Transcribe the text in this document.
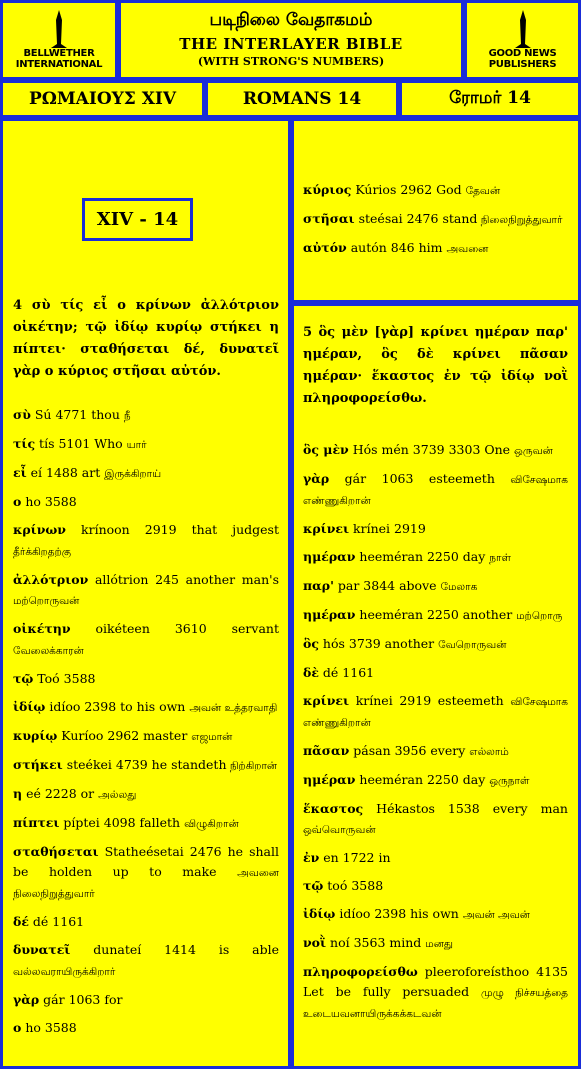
BELLWETHER INTERNATIONAL
படிநிலை வேதாகமம்
THE INTERLAYER BIBLE
(WITH STRONG'S NUMBERS)
GOOD NEWS PUBLISHERS
ΡΩΜΑΙΟΥΣ XIV	ROMANS 14	ரோமர் 14
XIV - 14
4 σὺ τίς εἶ ο κρίνων ἀλλότριον οἰκέτην; τῷ ἰδίῳ κυρίῳ στήκει η πίπτει· σταθήσεται δέ, δυνατεῖ γὰρ ο κύριος στῆσαι αὐτόν.
σὺ Sú 4771 thou நீ
τίς tís 5101 Who யார்
εἶ eí 1488 art இருக்கிறாய்
ο ho 3588
κρίνων krínoon 2919 that judgest தீர்க்கிறதற்கு
ἀλλότριον allótrion 245 another man's மற்றொருவன்
οἰκέτην oikéteen 3610 servant வேலைக்காரன்
τῷ Toó 3588
ἰδίῳ idíoo 2398 to his own அவன் உத்தரவாதி
κυρίῳ Kuríoo 2962 master எஜமான்
στήκει steékei 4739 he standeth நிற்கிறான்
η eé 2228 or அல்லது
πίπτει píptei 4098 falleth விழுகிறான்
σταθήσεται Statheésetai 2476 he shall be holden up to make அவனை நிலைநிறுத்துவார்
δέ dé 1161
δυνατεῖ dunateí 1414 is able வல்லவராயிருக்கிறார்
γὰρ gár 1063 for
ο ho 3588
κύριος Kúrios 2962 God தேவன்
στῆσαι steésai 2476 stand நிலைநிறுத்துவார்
αὐτόν autón 846 him அவனை
5 ὃς μὲν [γὰρ] κρίνει ημέραν παρ' ημέραν, ὃς δὲ κρίνει πᾶσαν ημέραν· ἕκαστος ἐν τῷ ἰδίῳ νοῒ πληροφορείσθω.
ὃς μὲν Hós mén 3739 3303 One ஒருவன்
γὰρ gár 1063 esteemeth விசேஷமாக எண்ணுகிறான்
κρίνει krínei 2919
ημέραν heeméran 2250 day நாள்
παρ' par 3844 above மேலாக
ημέραν heeméran 2250 another மற்றொரு
ὃς hós 3739 another வேறொருவன்
δὲ dé 1161
κρίνει krínei 2919 esteemeth விசேஷமாக எண்ணுகிறான்
πᾶσαν pásan 3956 every எல்லாம்
ημέραν heeméran 2250 day ஒருநாள்
ἕκαστος Hékastos 1538 every man ஒவ்வொருவன்
ἐν en 1722 in
τῷ toó 3588
ἰδίῳ idíoo 2398 his own அவன் அவன்
νοῒ noí 3563 mind மனது
πληροφορείσθω pleeroforeísthoo 4135 Let be fully persuaded முழு நிச்சயத்தை உடையவனாயிருக்கக்கடவன்
